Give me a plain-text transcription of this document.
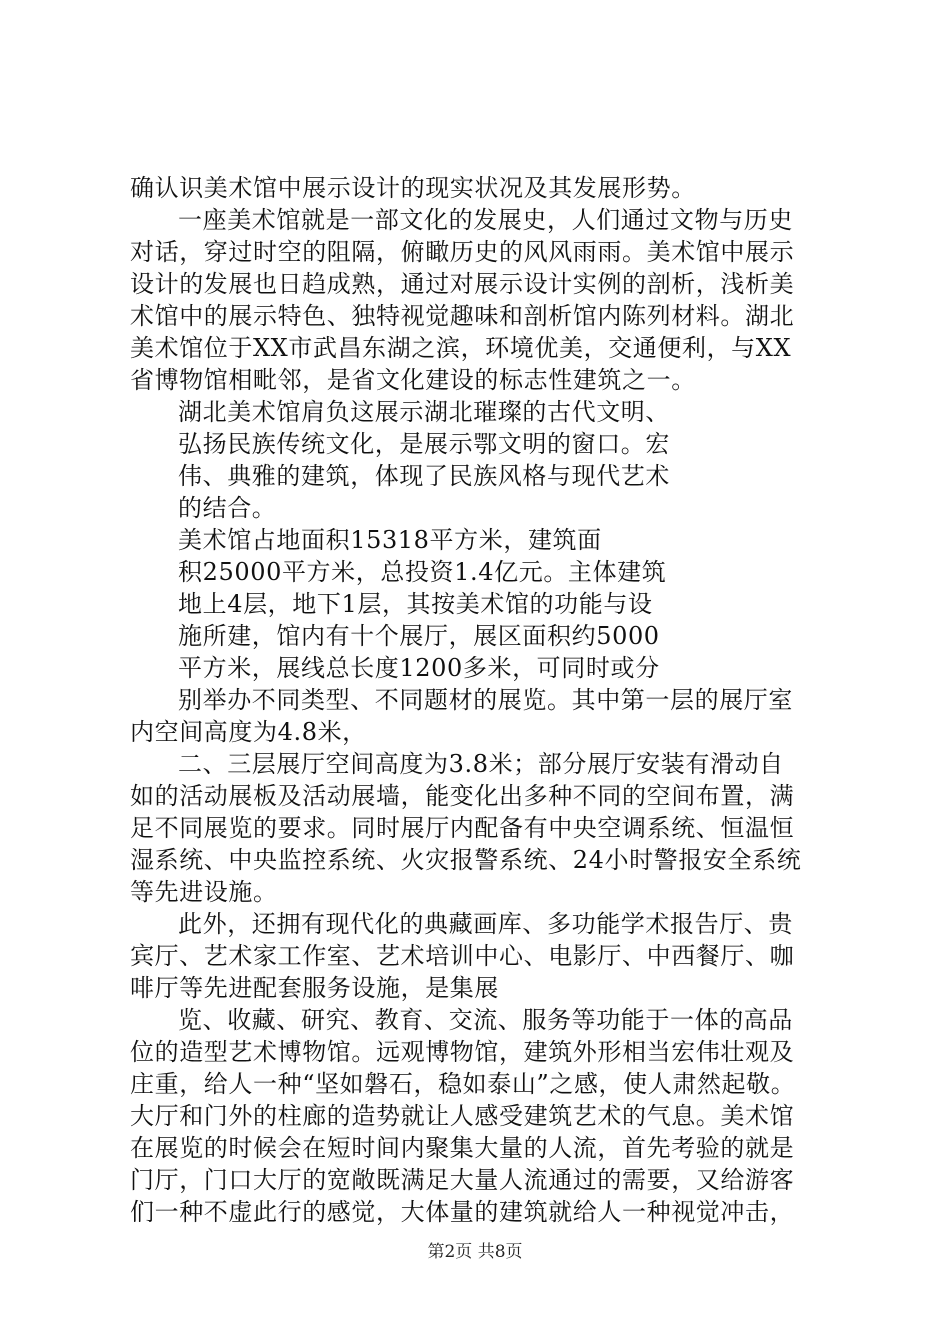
确认识美术馆中展示设计的现实状况及其发展形势。
一座美术馆就是一部文化的发展史，人们通过文物与历史
对话，穿过时空的阻隔，俯瞰历史的风风雨雨。美术馆中展示
设计的发展也日趋成熟，通过对展示设计实例的剖析，浅析美
术馆中的展示特色、独特视觉趣味和剖析馆内陈列材料。湖北
美术馆位于XX市武昌东湖之滨，环境优美，交通便利，与XX
省博物馆相毗邻，是省文化建设的标志性建筑之一。
湖北美术馆肩负这展示湖北璀璨的古代文明、
弘扬民族传统文化，是展示鄂文明的窗口。宏
伟、典雅的建筑，体现了民族风格与现代艺术
的结合。
美术馆占地面积15318平方米，建筑面
积25000平方米，总投资1.4亿元。主体建筑
地上4层，地下1层，其按美术馆的功能与设
施所建，馆内有十个展厅，展区面积约5000
平方米，展线总长度1200多米，可同时或分
别举办不同类型、不同题材的展览。其中第一层的展厅室
内空间高度为4.8米，
二、三层展厅空间高度为3.8米；部分展厅安装有滑动自
如的活动展板及活动展墙，能变化出多种不同的空间布置，满
足不同展览的要求。同时展厅内配备有中央空调系统、恒温恒
湿系统、中央监控系统、火灾报警系统、24小时警报安全系统
等先进设施。
此外，还拥有现代化的典藏画库、多功能学术报告厅、贵
宾厅、艺术家工作室、艺术培训中心、电影厅、中西餐厅、咖
啡厅等先进配套服务设施，是集展
览、收藏、研究、教育、交流、服务等功能于一体的高品
位的造型艺术博物馆。远观博物馆，建筑外形相当宏伟壮观及
庄重，给人一种“坚如磐石，稳如泰山”之感，使人肃然起敬。
大厅和门外的柱廊的造势就让人感受建筑艺术的气息。美术馆
在展览的时候会在短时间内聚集大量的人流，首先考验的就是
门厅，门口大厅的宽敞既满足大量人流通过的需要，又给游客
们一种不虚此行的感觉，大体量的建筑就给人一种视觉冲击，
第2页 共8页
